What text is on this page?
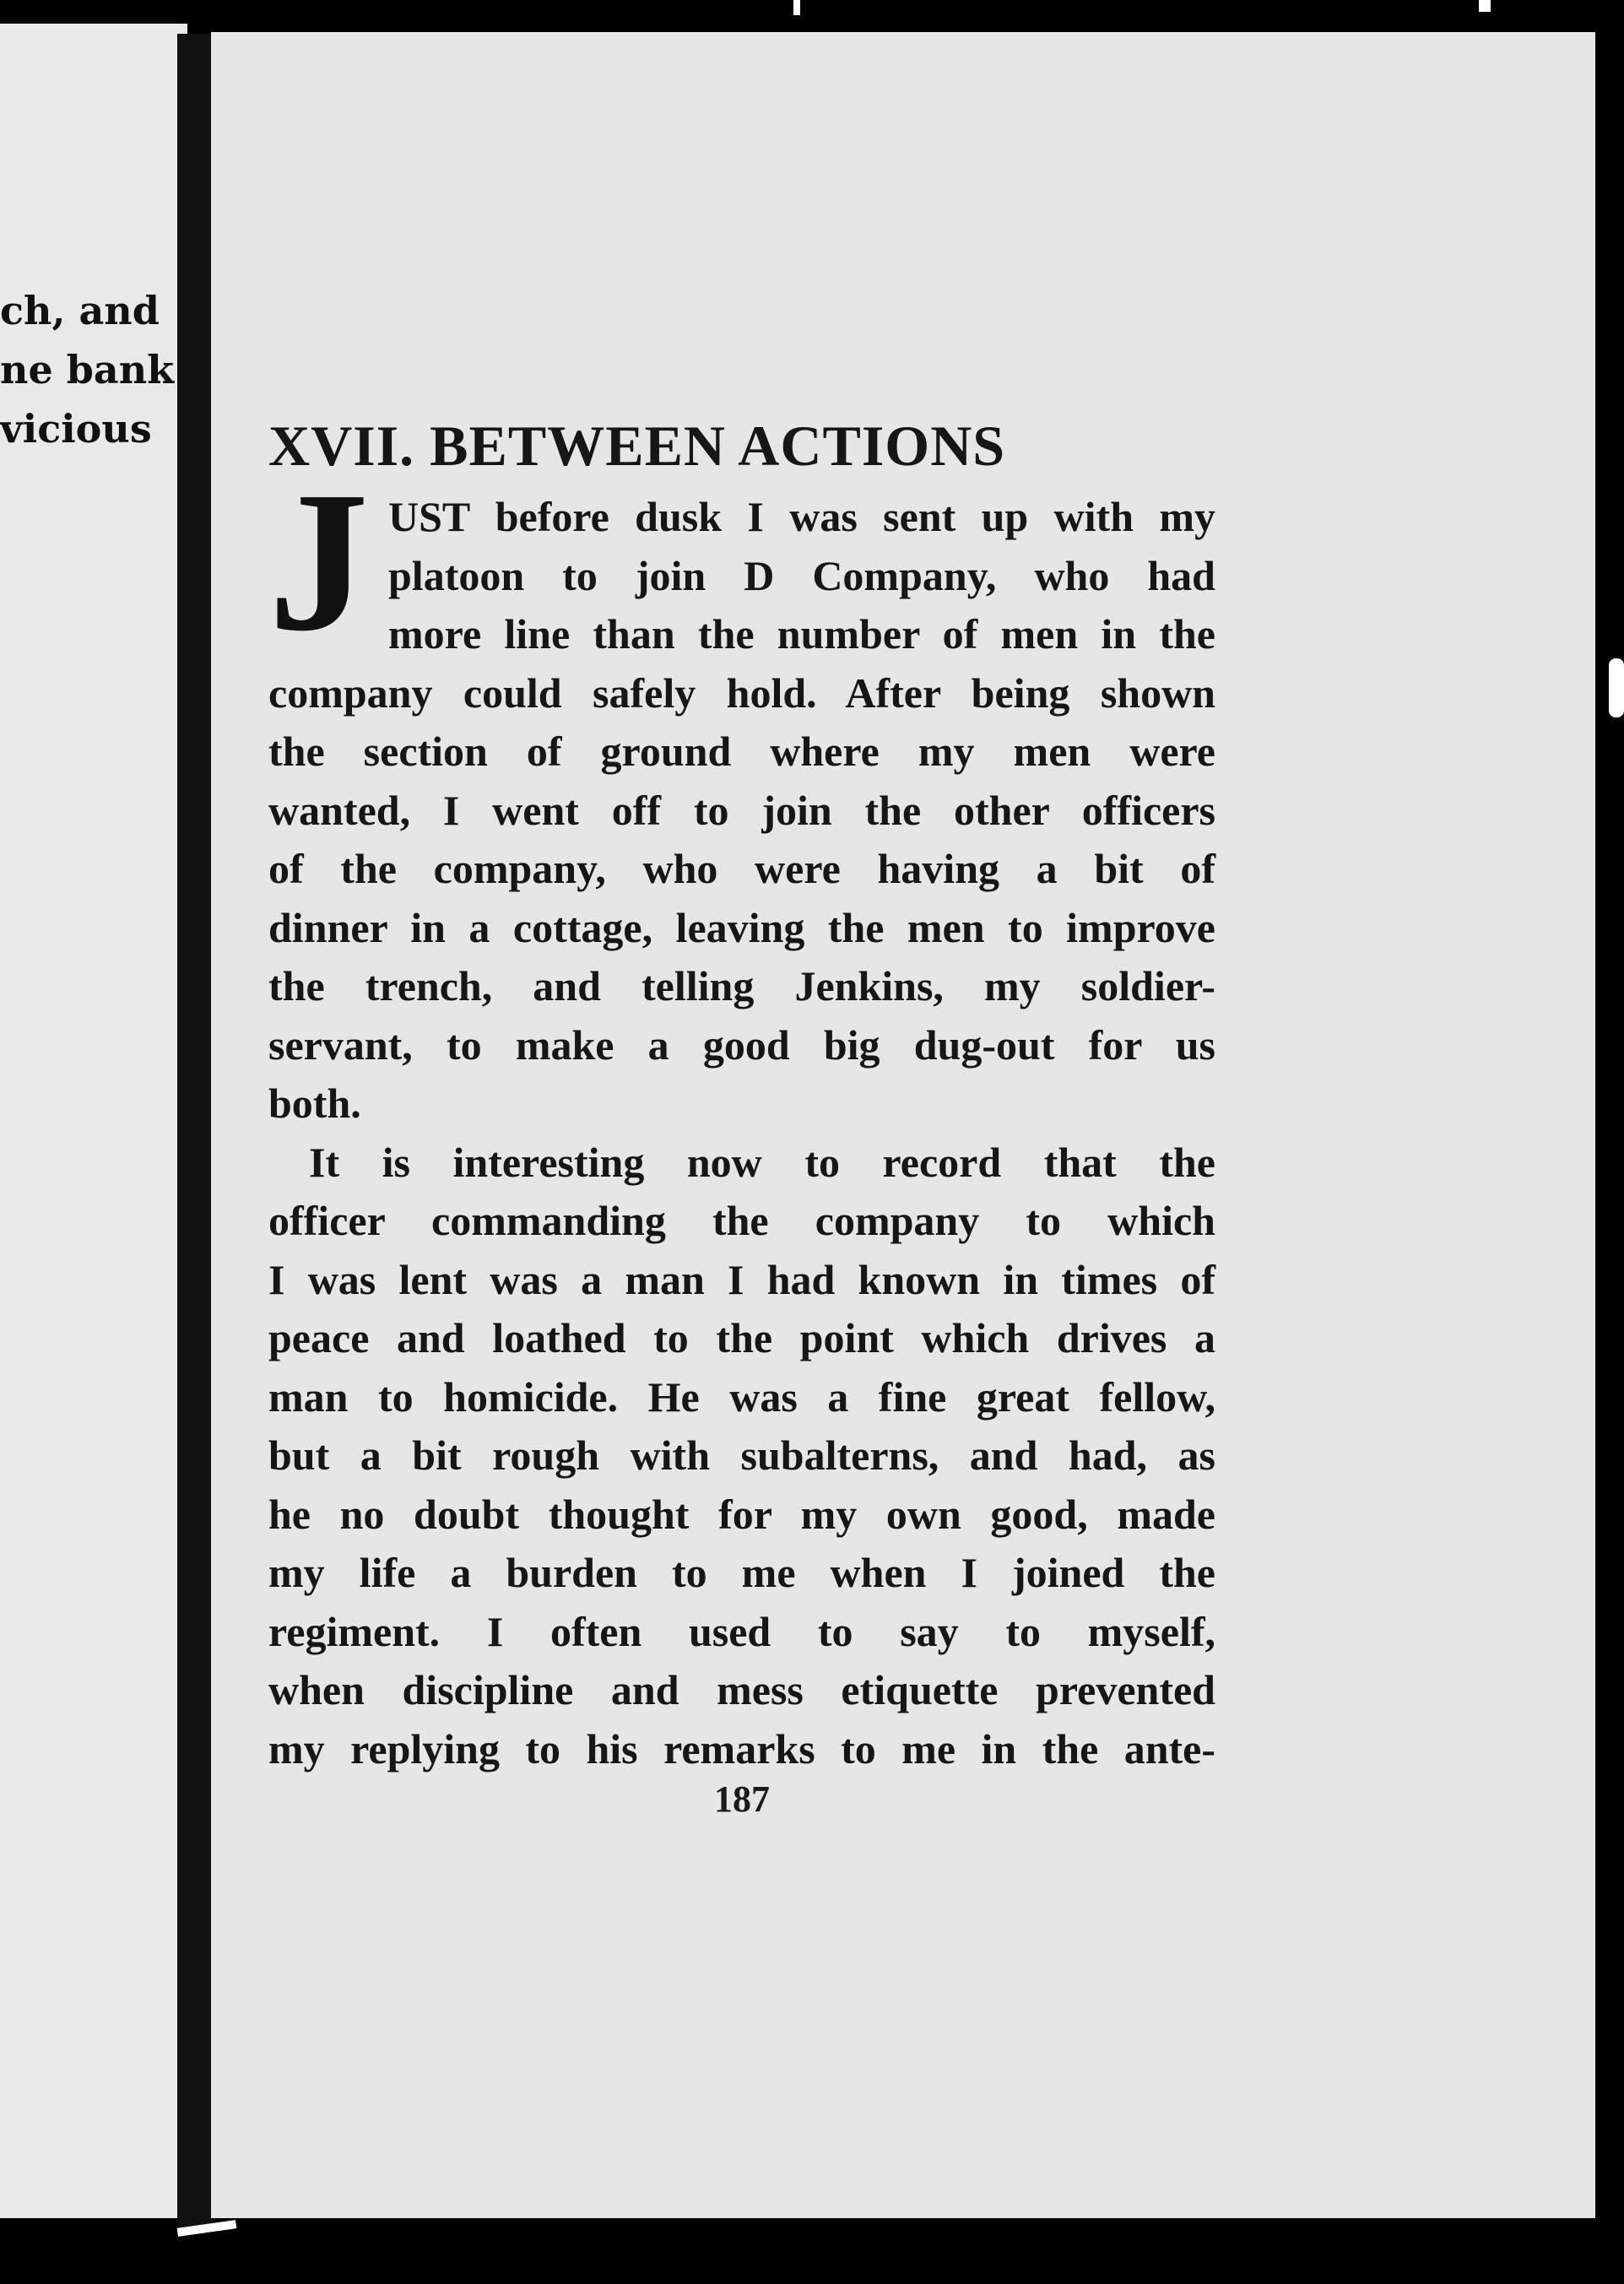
ch, and
ne bank
vicious XVII. BETWEEN ACTIONS
J UST before dusk I was sent up with my
platoon to join D Company, who had
more line than the number of men in the
company could safely hold. After being shown
the section of ground where my men were
wanted, I went off to join the other officers
of the company, who were having a bit of
dinner in a cottage, leaving the men to improve
the trench, and telling Jenkins, my soldier-
servant, to make a good big dug-out for us
both.
It is interesting now to record that the
officer commanding the company to which
I was lent was a man I had known in times of
peace and loathed to the point which drives a
man to homicide. He was a fine great fellow,
but a bit rough with subalterns, and had, as
he no doubt thought for my own good, made
my life a burden to me when I joined the
regiment. I often used to say to myself,
when discipline and mess etiquette prevented
my replying to his remarks to me in the ante-
187
